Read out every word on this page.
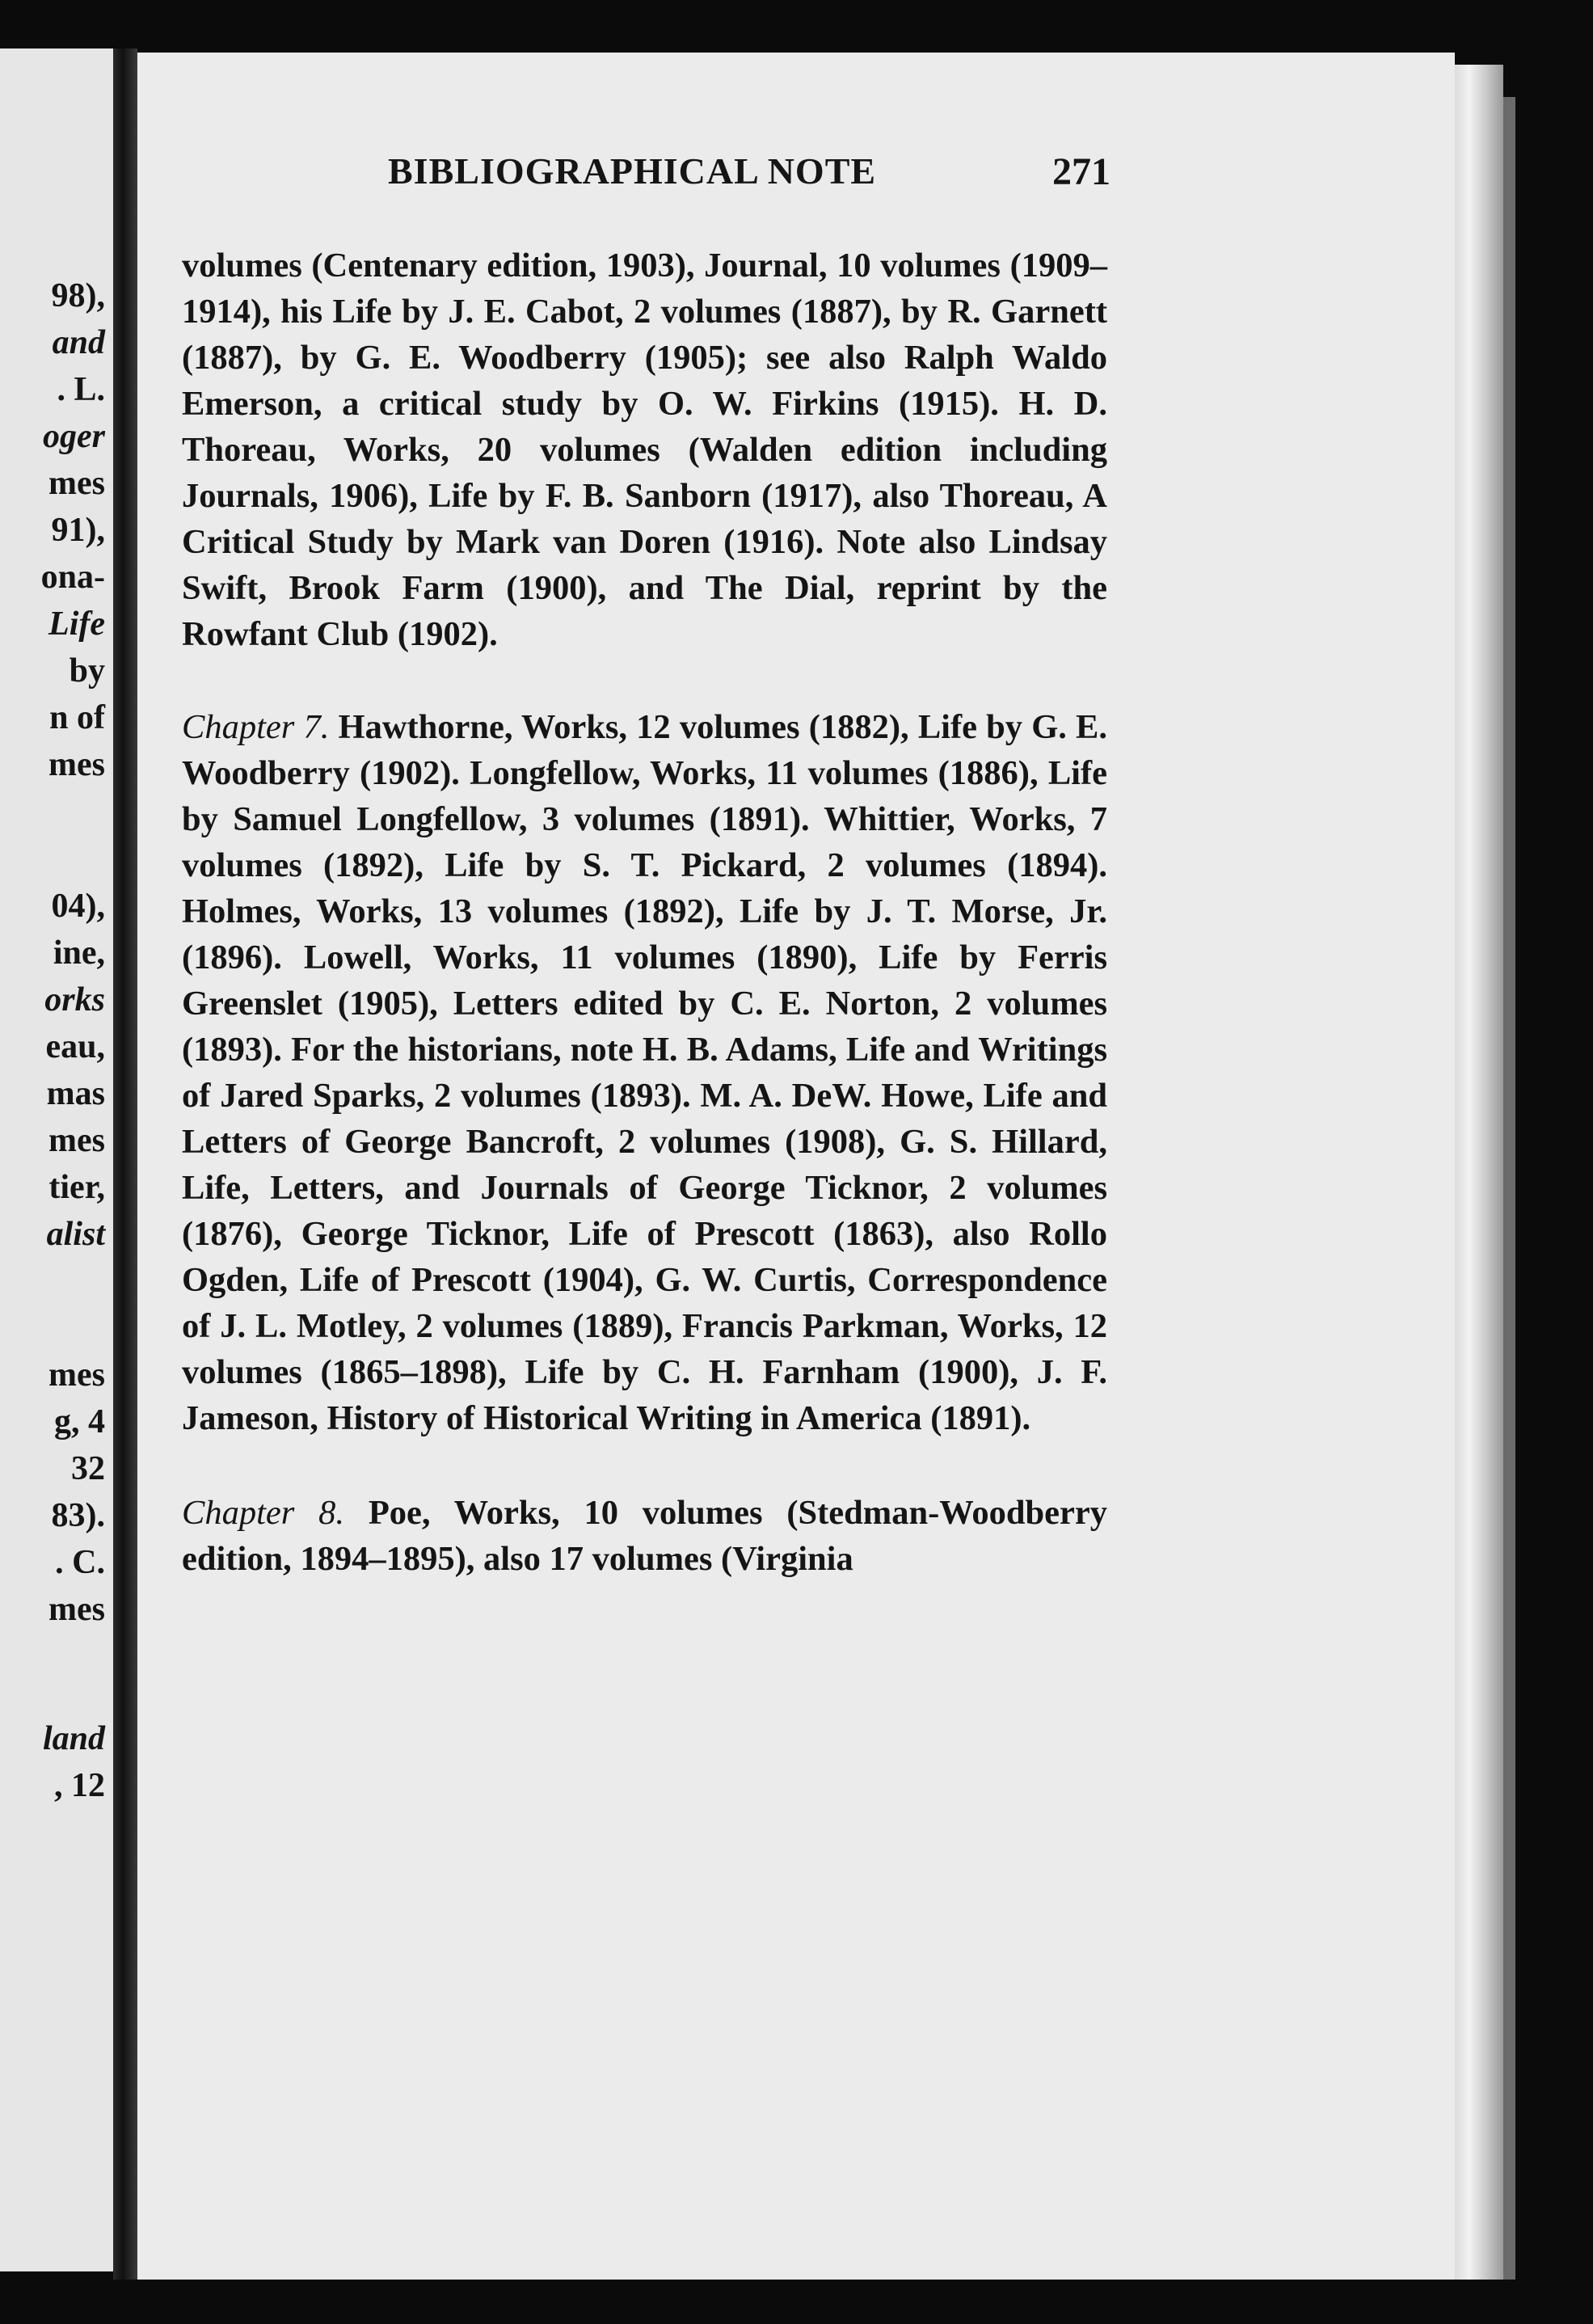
98),
and
. L.
oger
mes
91),
ona-
Life
by
n of
mes
04),
ine,
orks
eau,
mas
mes
tier,
alist
mes
g, 4
32
83).
. C.
mes
land
, 12
BIBLIOGRAPHICAL NOTE	271

volumes (Centenary edition, 1903), Journal, 10 volumes (1909–1914), his Life by J. E. Cabot, 2 volumes (1887), by R. Garnett (1887), by G. E. Woodberry (1905); see also Ralph Waldo Emerson, a critical study by O. W. Firkins (1915). H. D. Thoreau, Works, 20 volumes (Walden edition including Journals, 1906), Life by F. B. Sanborn (1917), also Thoreau, A Critical Study by Mark van Doren (1916). Note also Lindsay Swift, Brook Farm (1900), and The Dial, reprint by the Rowfant Club (1902).

Chapter 7. Hawthorne, Works, 12 volumes (1882), Life by G. E. Woodberry (1902). Longfellow, Works, 11 volumes (1886), Life by Samuel Longfellow, 3 volumes (1891). Whittier, Works, 7 volumes (1892), Life by S. T. Pickard, 2 volumes (1894). Holmes, Works, 13 volumes (1892), Life by J. T. Morse, Jr. (1896). Lowell, Works, 11 volumes (1890), Life by Ferris Greenslet (1905), Letters edited by C. E. Norton, 2 volumes (1893). For the historians, note H. B. Adams, Life and Writings of Jared Sparks, 2 volumes (1893). M. A. DeW. Howe, Life and Letters of George Bancroft, 2 volumes (1908), G. S. Hillard, Life, Letters, and Journals of George Ticknor, 2 volumes (1876), George Ticknor, Life of Prescott (1863), also Rollo Ogden, Life of Prescott (1904), G. W. Curtis, Correspondence of J. L. Motley, 2 volumes (1889), Francis Parkman, Works, 12 volumes (1865–1898), Life by C. H. Farnham (1900), J. F. Jameson, History of Historical Writing in America (1891).

Chapter 8. Poe, Works, 10 volumes (Stedman-Woodberry edition, 1894–1895), also 17 volumes (Virginia
